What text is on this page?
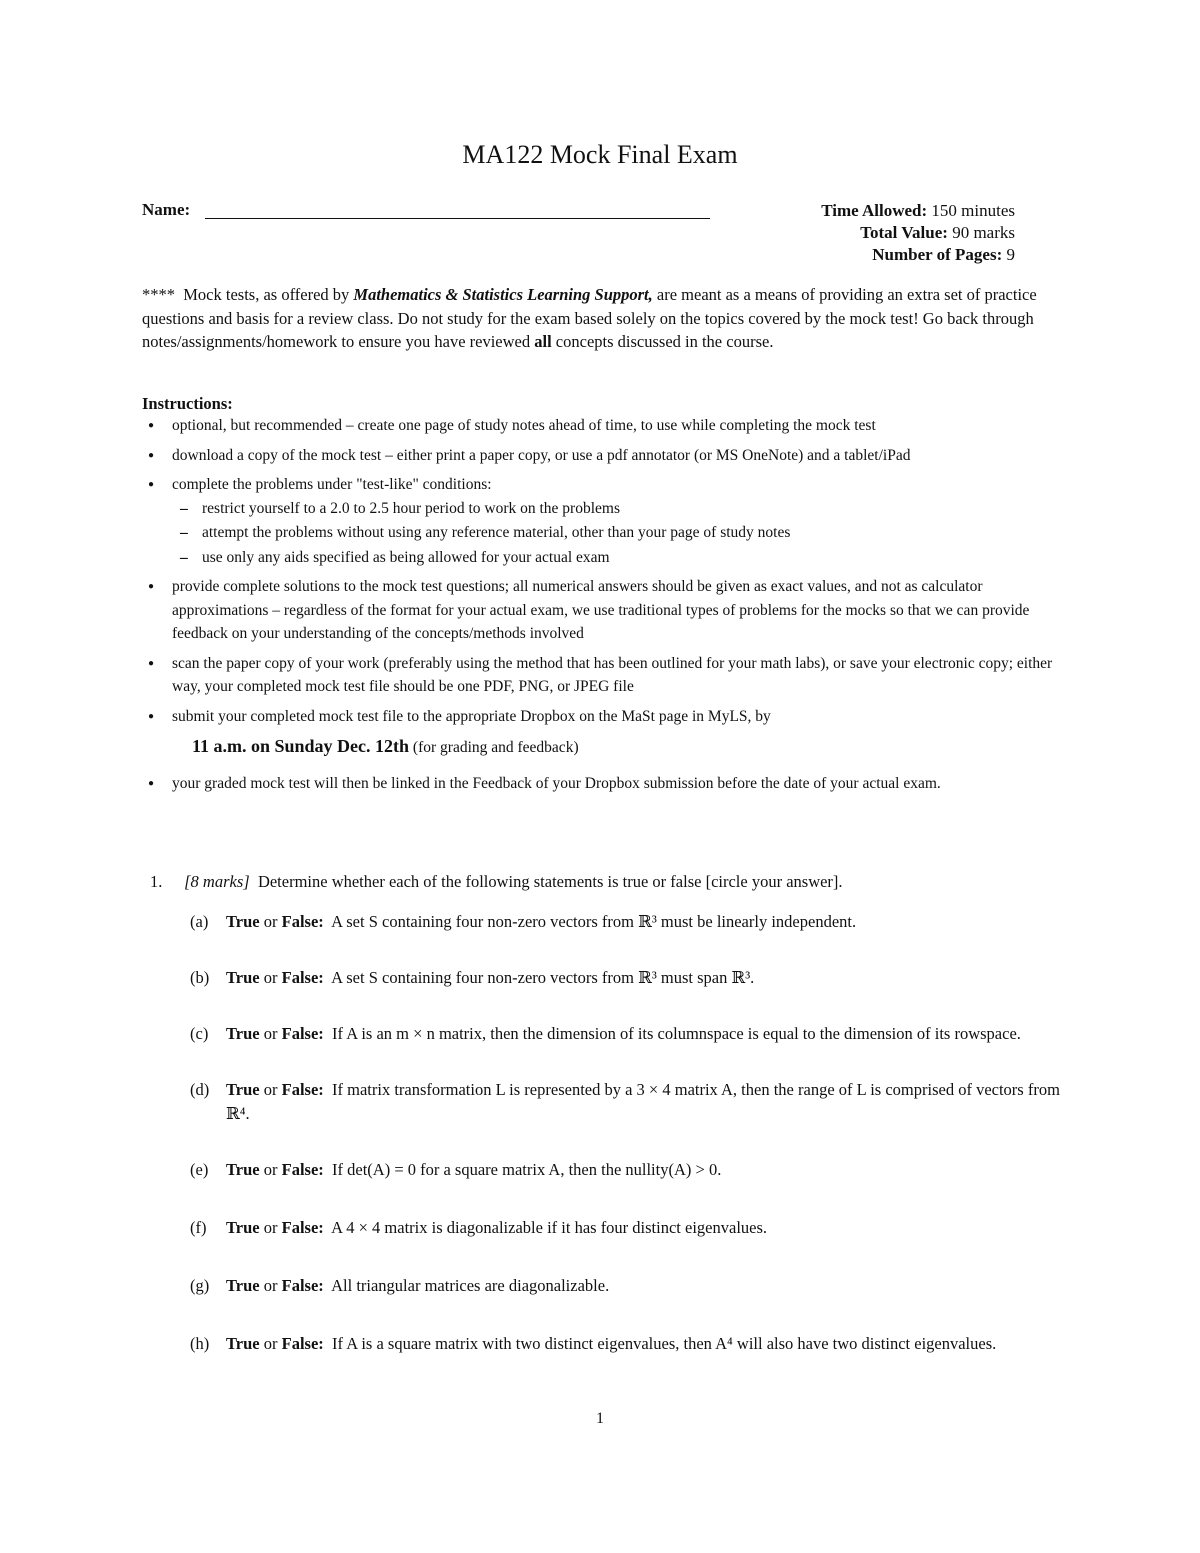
MA122 Mock Final Exam
Name:	Time Allowed: 150 minutes
Total Value: 90 marks
Number of Pages: 9
**** Mock tests, as offered by Mathematics & Statistics Learning Support, are meant as a means of providing an extra set of practice questions and basis for a review class. Do not study for the exam based solely on the topics covered by the mock test! Go back through notes/assignments/homework to ensure you have reviewed all concepts discussed in the course.
Instructions:
● optional, but recommended – create one page of study notes ahead of time, to use while completing the mock test
● download a copy of the mock test – either print a paper copy, or use a pdf annotator (or MS OneNote) and a tablet/iPad
● complete the problems under "test-like" conditions:
– restrict yourself to a 2.0 to 2.5 hour period to work on the problems
– attempt the problems without using any reference material, other than your page of study notes
– use only any aids specified as being allowed for your actual exam
● provide complete solutions to the mock test questions; all numerical answers should be given as exact values, and not as calculator approximations – regardless of the format for your actual exam, we use traditional types of problems for the mocks so that we can provide feedback on your understanding of the concepts/methods involved
● scan the paper copy of your work (preferably using the method that has been outlined for your math labs), or save your electronic copy; either way, your completed mock test file should be one PDF, PNG, or JPEG file
● submit your completed mock test file to the appropriate Dropbox on the MaSt page in MyLS, by
11 a.m. on Sunday Dec. 12th (for grading and feedback)
● your graded mock test will then be linked in the Feedback of your Dropbox submission before the date of your actual exam.
1. [8 marks] Determine whether each of the following statements is true or false [circle your answer].
(a) True or False: A set S containing four non-zero vectors from ℝ³ must be linearly independent.
(b) True or False: A set S containing four non-zero vectors from ℝ³ must span ℝ³.
(c) True or False: If A is an m × n matrix, then the dimension of its columnspace is equal to the dimension of its rowspace.
(d) True or False: If matrix transformation L is represented by a 3 × 4 matrix A, then the range of L is comprised of vectors from ℝ⁴.
(e) True or False: If det(A) = 0 for a square matrix A, then the nullity(A) > 0.
(f) True or False: A 4 × 4 matrix is diagonalizable if it has four distinct eigenvalues.
(g) True or False: All triangular matrices are diagonalizable.
(h) True or False: If A is a square matrix with two distinct eigenvalues, then A⁴ will also have two distinct eigenvalues.
1
